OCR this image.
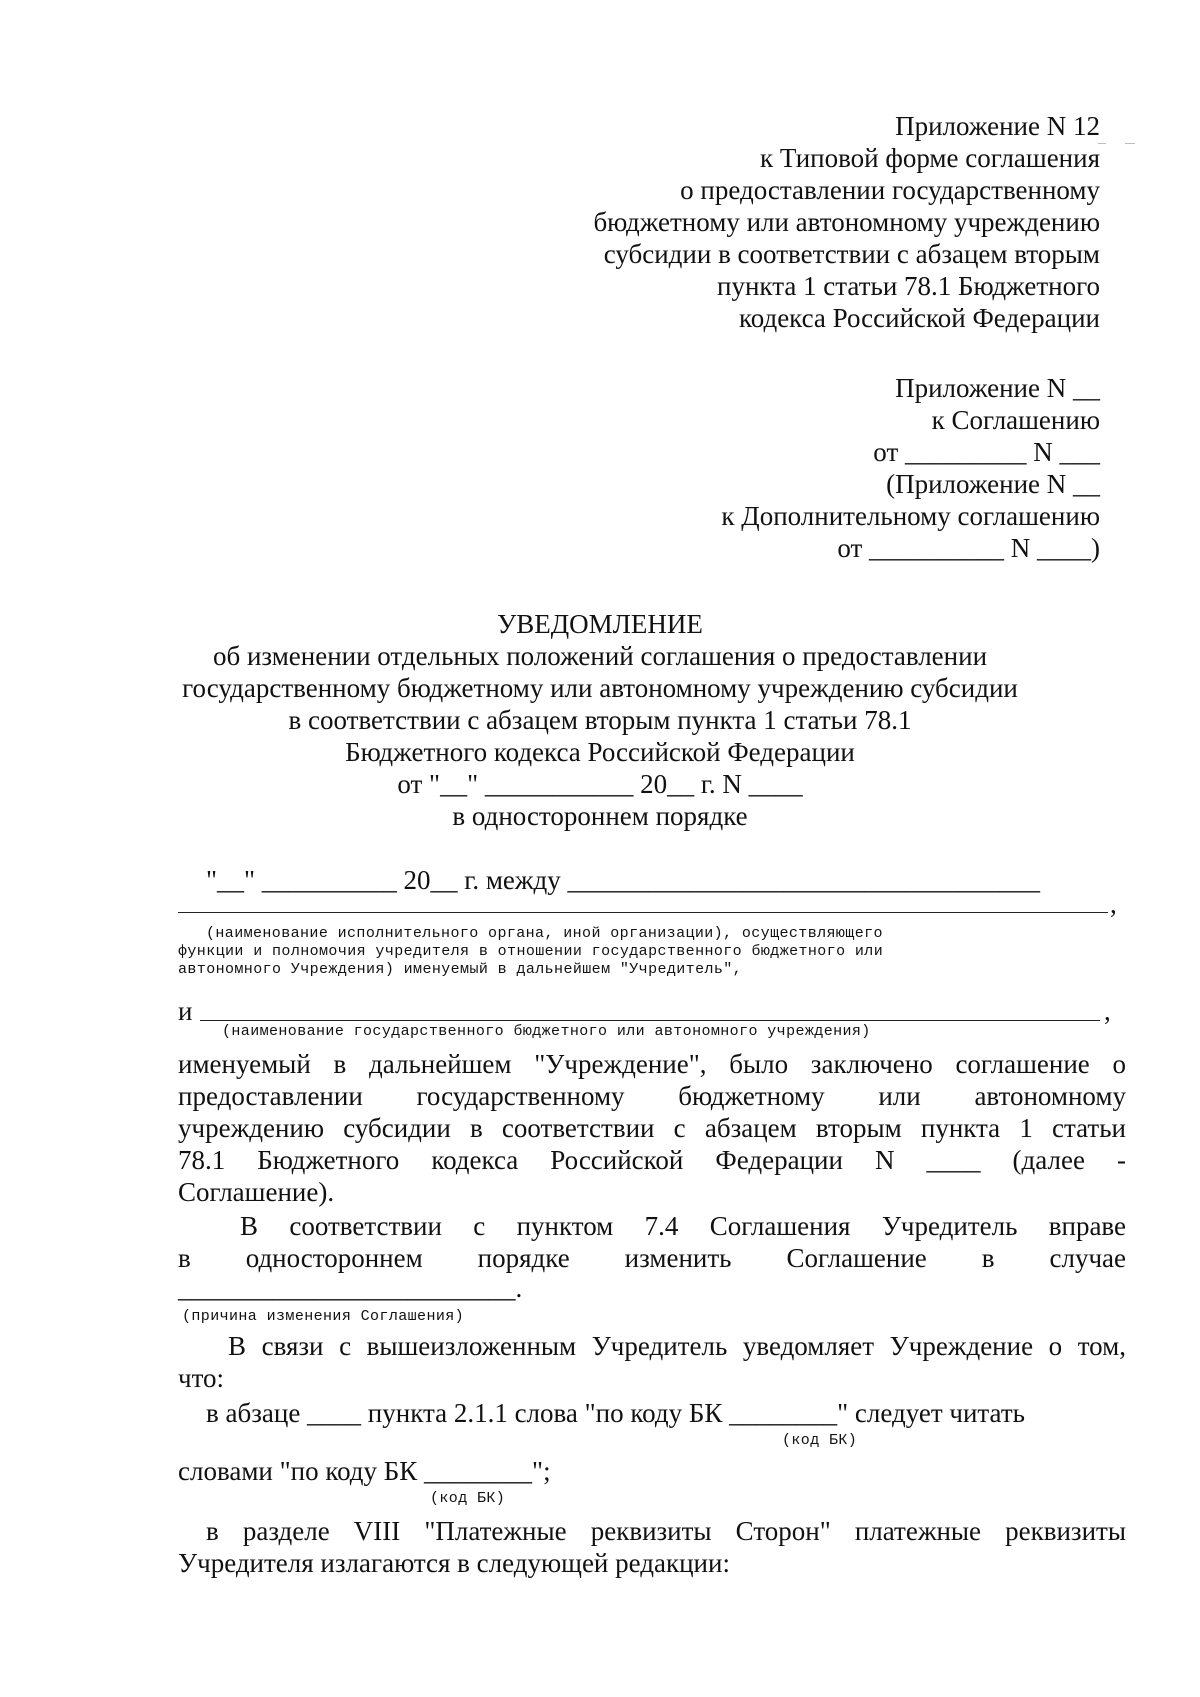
Приложение N 12
к Типовой форме соглашения
о предоставлении государственному
бюджетному или автономному учреждению
субсидии в соответствии с абзацем вторым
пункта 1 статьи 78.1 Бюджетного
кодекса Российской Федерации
Приложение N __
к Соглашению
от _________ N ___
(Приложение N __
к Дополнительному соглашению
от __________ N ____)
УВЕДОМЛЕНИЕ
об изменении отдельных положений соглашения о предоставлении
государственному бюджетному или автономному учреждению субсидии
в соответствии с абзацем вторым пункта 1 статьи 78.1
Бюджетного кодекса Российской Федерации
от "__" ___________ 20__ г. N ____
в одностороннем порядке
"__" __________ 20__ г. между ___________________________________
,
(наименование исполнительного органа, иной организации), осуществляющего
функции и полномочия учредителя в отношении государственного бюджетного или
автономного Учреждения) именуемый в дальнейшем "Учредитель",
и	,
(наименование государственного бюджетного или автономного учреждения)
именуемый в дальнейшем "Учреждение", было заключено соглашение о
предоставлении государственному бюджетному или автономному
учреждению субсидии в соответствии с абзацем вторым пункта 1 статьи
78.1 Бюджетного кодекса Российской Федерации N ____ (далее -
Соглашение).
В соответствии с пунктом 7.4 Соглашения Учредитель вправе
в одностороннем порядке изменить Соглашение в случае
_________________________.
(причина изменения Соглашения)
В связи с вышеизложенным Учредитель уведомляет Учреждение о том,
что:
в абзаце ____ пункта 2.1.1 слова "по коду БК ________" следует читать
(код БК)
словами "по коду БК ________";
(код БК)
в разделе VIII "Платежные реквизиты Сторон" платежные реквизиты
Учредителя излагаются в следующей редакции:
